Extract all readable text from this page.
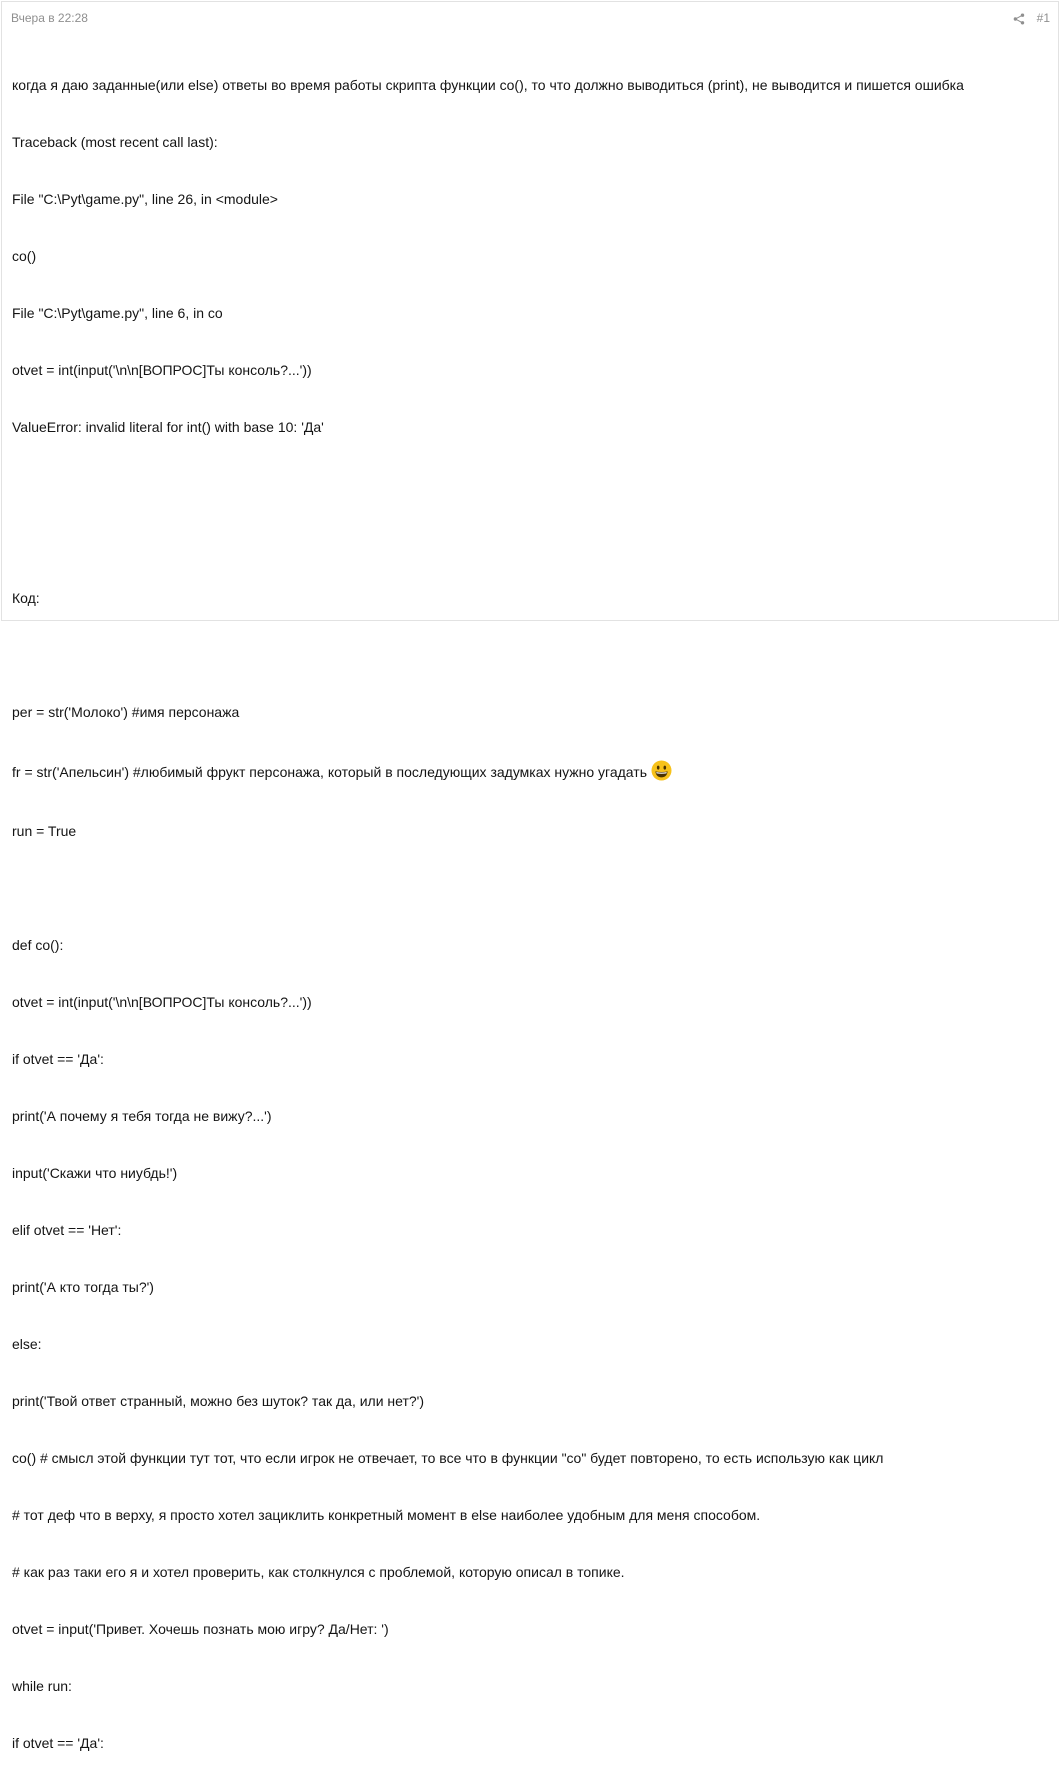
Вчера в 22:28	#1

когда я даю заданные(или else) ответы во время работы скрипта функции co(), то что должно выводиться (print), не выводится и пишется ошибка

Traceback (most recent call last):

File "C:\Pyt\game.py", line 26, in <module>

co()

File "C:\Pyt\game.py", line 6, in co

otvet = int(input('\n\n[ВОПРОС]Ты консоль?...'))

ValueError: invalid literal for int() with base 10: 'Да'

Код:

per = str('Молоко') #имя персонажа

fr = str('Апельсин') #любимый фрукт персонажа, который в последующих задумках нужно угадать

run = True

def co():

otvet = int(input('\n\n[ВОПРОС]Ты консоль?...'))

if otvet == 'Да':

print('А почему я тебя тогда не вижу?...')

input('Скажи что ниубдь!')

elif otvet == 'Нет':

print('А кто тогда ты?')

else:

print('Твой ответ странный, можно без шуток? так да, или нет?')

co() # смысл этой функции тут тот, что если игрок не отвечает, то все что в функции "co" будет повторено, то есть использую как цикл

# тот деф что в верху, я просто хотел зациклить конкретный момент в else наиболее удобным для меня способом.

# как раз таки его я и хотел проверить, как столкнулся с проблемой, которую описал в топике.

otvet = input('Привет. Хочешь познать мою игру? Да/Нет: ')

while run:

if otvet == 'Да':
